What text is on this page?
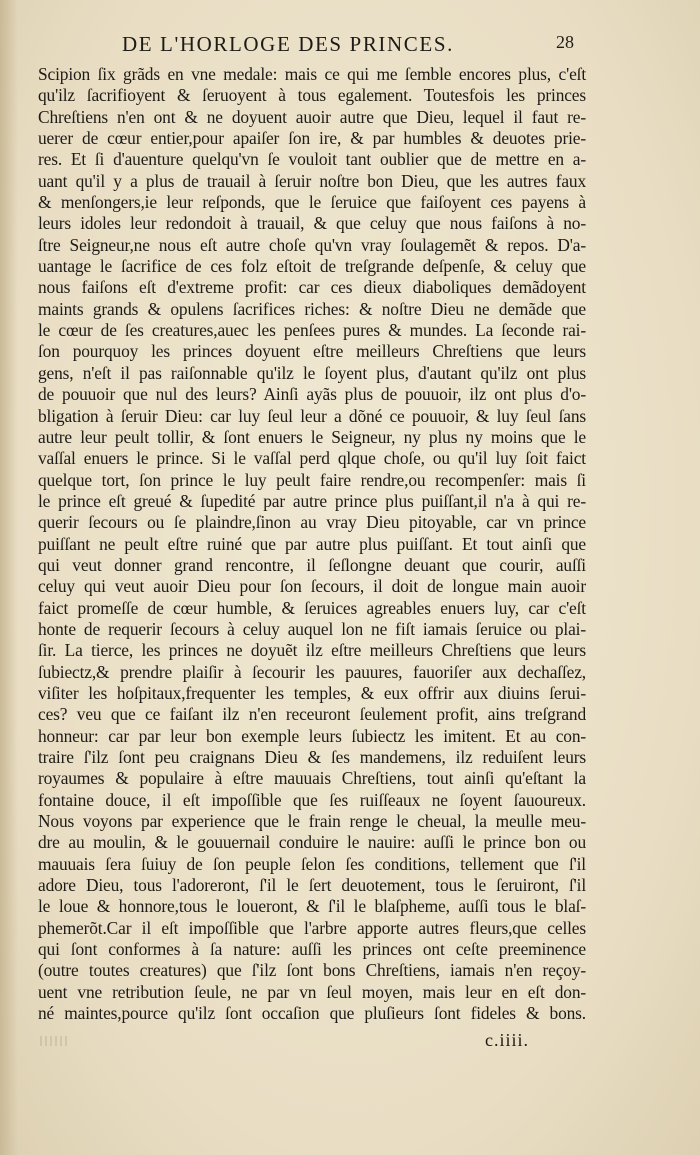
DE L'HORLOGE DES PRINCES.	28
Scipion ſix grãds en vne medale: mais ce qui me ſemble encores plus, c'eſt
qu'ilz ſacrifioyent & ſeruoyent à tous egalement. Toutesfois les princes
Chreſtiens n'en ont & ne doyuent auoir autre que Dieu, lequel il faut re-
uerer de cœur entier,pour apaiſer ſon ire, & par humbles & deuotes prie-
res. Et ſi d'auenture quelqu'vn ſe vouloit tant oublier que de mettre en a-
uant qu'il y a plus de trauail à ſeruir noſtre bon Dieu, que les autres faux
& menſongers,ie leur reſponds, que le ſeruice que faiſoyent ces payens à
leurs idoles leur redondoit à trauail, & que celuy que nous faiſons à no-
ſtre Seigneur,ne nous eſt autre choſe qu'vn vray ſoulagemẽt & repos. D'a-
uantage le ſacrifice de ces folz eſtoit de treſgrande deſpenſe, & celuy que
nous faiſons eſt d'extreme profit: car ces dieux diaboliques demãdoyent
maints grands & opulens ſacrifices riches: & noſtre Dieu ne demãde que
le cœur de ſes creatures,auec les penſees pures & mundes. La ſeconde rai-
ſon pourquoy les princes doyuent eſtre meilleurs Chreſtiens que leurs
gens, n'eſt il pas raiſonnable qu'ilz le ſoyent plus, d'autant qu'ilz ont plus
de pouuoir que nul des leurs? Ainſi ayãs plus de pouuoir, ilz ont plus d'o-
bligation à ſeruir Dieu: car luy ſeul leur a dõné ce pouuoir, & luy ſeul ſans
autre leur peult tollir, & ſont enuers le Seigneur, ny plus ny moins que le
vaſſal enuers le prince. Si le vaſſal perd qlque choſe, ou qu'il luy ſoit faict
quelque tort, ſon prince le luy peult faire rendre,ou recompenſer: mais ſi
le prince eſt greué & ſupedité par autre prince plus puiſſant,il n'a à qui re-
querir ſecours ou ſe plaindre,ſinon au vray Dieu pitoyable, car vn prince
puiſſant ne peult eſtre ruiné que par autre plus puiſſant. Et tout ainſi que
qui veut donner grand rencontre, il ſeſlongne deuant que courir, auſſi
celuy qui veut auoir Dieu pour ſon ſecours, il doit de longue main auoir
faict promeſſe de cœur humble, & ſeruices agreables enuers luy, car c'eſt
honte de requerir ſecours à celuy auquel lon ne fiſt iamais ſeruice ou plai-
ſir. La tierce, les princes ne doyuẽt ilz eſtre meilleurs Chreſtiens que leurs
ſubiectz,& prendre plaiſir à ſecourir les pauures, fauoriſer aux dechaſſez,
viſiter les hoſpitaux,frequenter les temples, & eux offrir aux diuins ſerui-
ces? veu que ce faiſant ilz n'en receuront ſeulement profit, ains treſgrand
honneur: car par leur bon exemple leurs ſubiectz les imitent. Et au con-
traire ſ'ilz ſont peu craignans Dieu & ſes mandemens, ilz reduiſent leurs
royaumes & populaire à eſtre mauuais Chreſtiens, tout ainſi qu'eſtant la
fontaine douce, il eſt impoſſible que ſes ruiſſeaux ne ſoyent ſauoureux.
Nous voyons par experience que le frain renge le cheual, la meulle meu-
dre au moulin, & le gouuernail conduire le nauire: auſſi le prince bon ou
mauuais ſera ſuiuy de ſon peuple ſelon ſes conditions, tellement que ſ'il
adore Dieu, tous l'adoreront, ſ'il le ſert deuotement, tous le ſeruiront, ſ'il
le loue & honnore,tous le loueront, & ſ'il le blaſpheme, auſſi tous le blaſ-
phemerõt.Car il eſt impoſſible que l'arbre apporte autres fleurs,que celles
qui ſont conformes à ſa nature: auſſi les princes ont ceſte preeminence
(outre toutes creatures) que ſ'ilz ſont bons Chreſtiens, iamais n'en reçoy-
uent vne retribution ſeule, ne par vn ſeul moyen, mais leur en eſt don-
né maintes,pource qu'ilz ſont occaſion que pluſieurs ſont fideles & bons.
c.iiii.
